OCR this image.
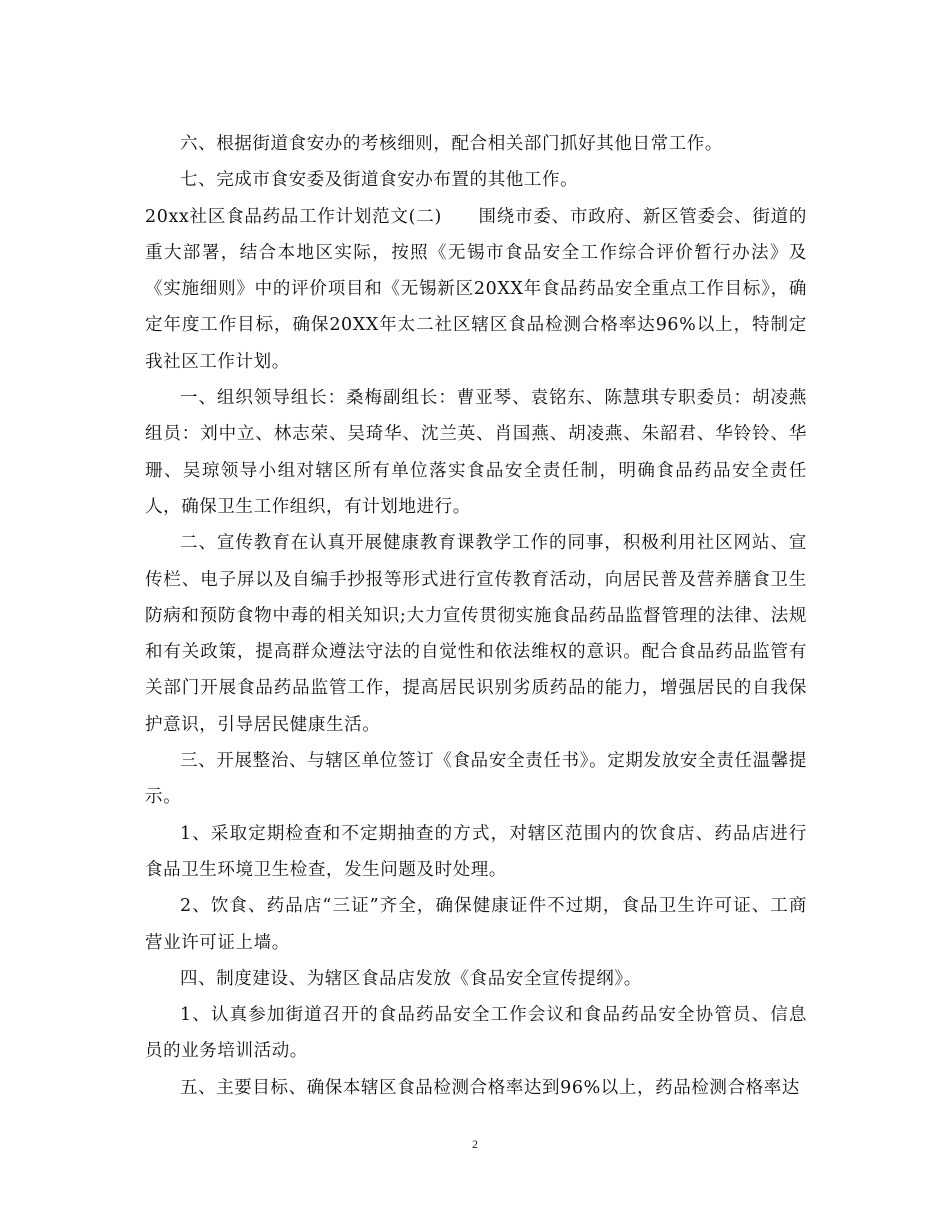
六、根据街道食安办的考核细则，配合相关部门抓好其他日常工作。

七、完成市食安委及街道食安办布置的其他工作。

20xx社区食品药品工作计划范文(二)　　围绕市委、市政府、新区管委会、街道的重大部署，结合本地区实际，按照《无锡市食品安全工作综合评价暂行办法》及《实施细则》中的评价项目和《无锡新区20XX年食品药品安全重点工作目标》，确定年度工作目标，确保20XX年太二社区辖区食品检测合格率达96%以上，特制定我社区工作计划。

一、组织领导组长：桑梅副组长：曹亚琴、袁铭东、陈慧琪专职委员：胡凌燕组员：刘中立、林志荣、吴琦华、沈兰英、肖国燕、胡凌燕、朱韶君、华铃铃、华珊、吴琼领导小组对辖区所有单位落实食品安全责任制，明确食品药品安全责任人，确保卫生工作组织，有计划地进行。

二、宣传教育在认真开展健康教育课教学工作的同事，积极利用社区网站、宣传栏、电子屏以及自编手抄报等形式进行宣传教育活动，向居民普及营养膳食卫生防病和预防食物中毒的相关知识;大力宣传贯彻实施食品药品监督管理的法律、法规和有关政策，提高群众遵法守法的自觉性和依法维权的意识。配合食品药品监管有关部门开展食品药品监管工作，提高居民识别劣质药品的能力，增强居民的自我保护意识，引导居民健康生活。

三、开展整治、与辖区单位签订《食品安全责任书》。定期发放安全责任温馨提示。

1、采取定期检查和不定期抽查的方式，对辖区范围内的饮食店、药品店进行食品卫生环境卫生检查，发生问题及时处理。

2、饮食、药品店“三证”齐全，确保健康证件不过期，食品卫生许可证、工商营业许可证上墙。

四、制度建设、为辖区食品店发放《食品安全宣传提纲》。

1、认真参加街道召开的食品药品安全工作会议和食品药品安全协管员、信息员的业务培训活动。

五、主要目标、确保本辖区食品检测合格率达到96%以上，药品检测合格率达

2
